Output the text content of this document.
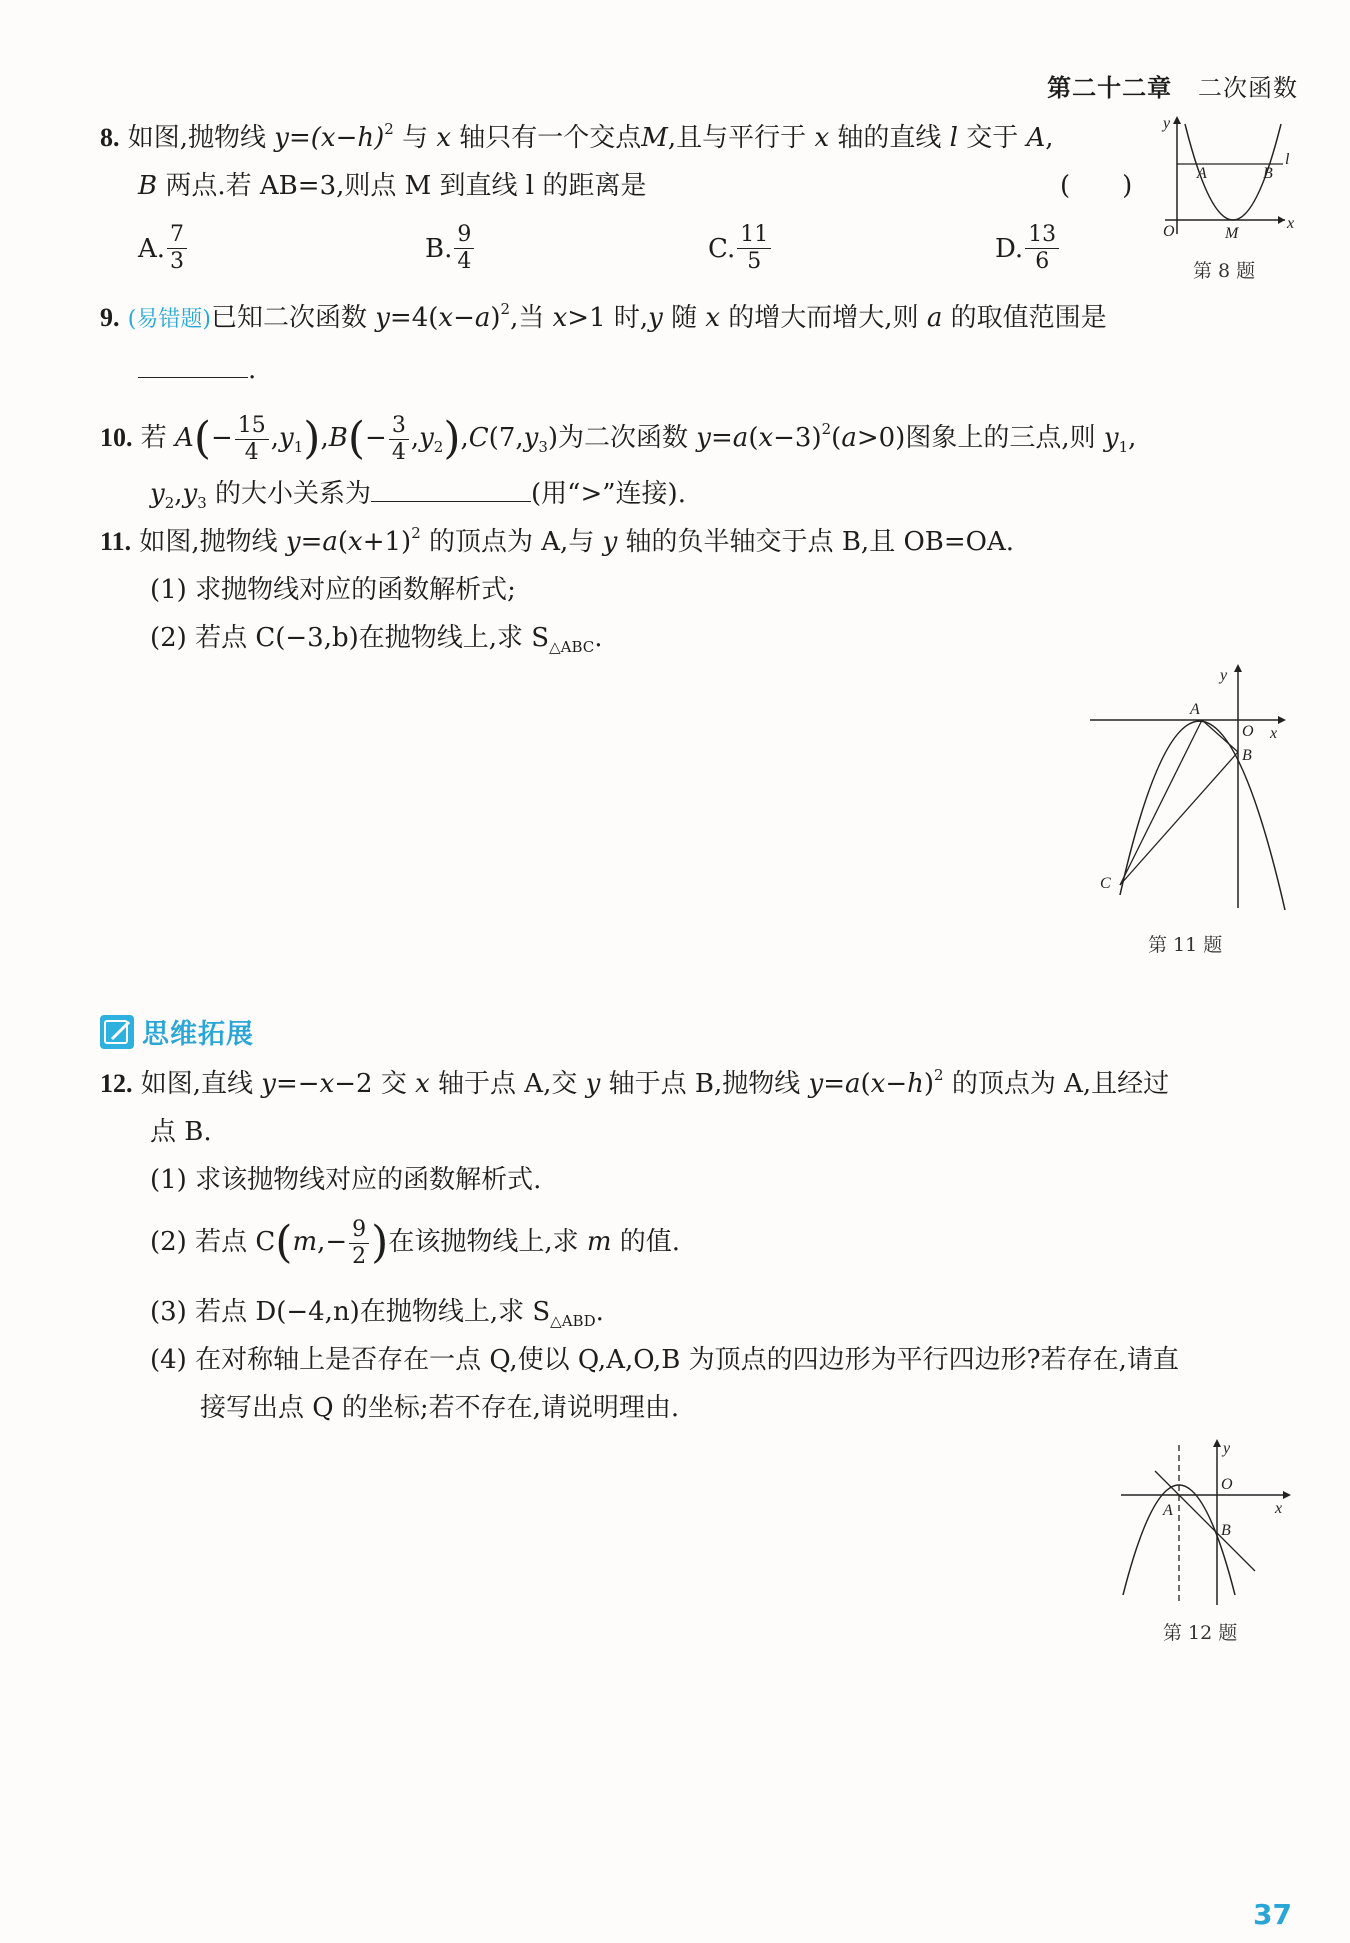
第二十二章 二次函数
8. 如图,抛物线 $y=(x-h)^2$ 与 x 轴只有一个交点M,且与平行于 x 轴的直线 l 交于 A,
B 两点.若 AB=3,则点 M 到直线 l 的距离是	(　　)
A. $\frac{7}{3}$	B. $\frac{9}{4}$	C. $\frac{11}{5}$	D. $\frac{13}{6}$
y
A	B
l
O	M
x
第 8 题
9. (易错题)已知二次函数 $y=4(x-a)^2$,当 x>1 时,y 随 x 的增大而增大,则 a 的取值范围是
.
10. 若 $A(- \frac{15}{4} ,y_1),B(- \frac{3}{4} ,y_2),C(7,y_3)$为二次函数 $y=a(x-3)^2(a>0)$图象上的三点,则 $y_1$,
$y_2,y_3$ 的大小关系为	(用“>”连接).
11. 如图,抛物线 $y=a(x+1)^2$ 的顶点为 A,与 y 轴的负半轴交于点 B,且 OB=OA.
(1) 求抛物线对应的函数解析式;
(2) 若点 C(−3,b)在抛物线上,求 $S_{\triangle ABC}$.
y
A
O x
B
C
第 11 题
思维拓展
12. 如图,直线 y=−x−2 交 x 轴于点 A,交 y 轴于点 B,抛物线 $y=a(x-h)^2$ 的顶点为 A,且经过
点 B.
(1) 求该抛物线对应的函数解析式.
(2) 若点 $C(m,- \frac{9}{2}$ )在该抛物线上,求 m 的值.
(3) 若点 D(−4,n)在抛物线上,求 $S_{\triangle ABD}$.
(4) 在对称轴上是否存在一点 Q,使以 Q,A,O,B 为顶点的四边形为平行四边形?若存在,请直
接写出点 Q 的坐标;若不存在,请说明理由.
y
O
x
A
B
第 12 题
37
